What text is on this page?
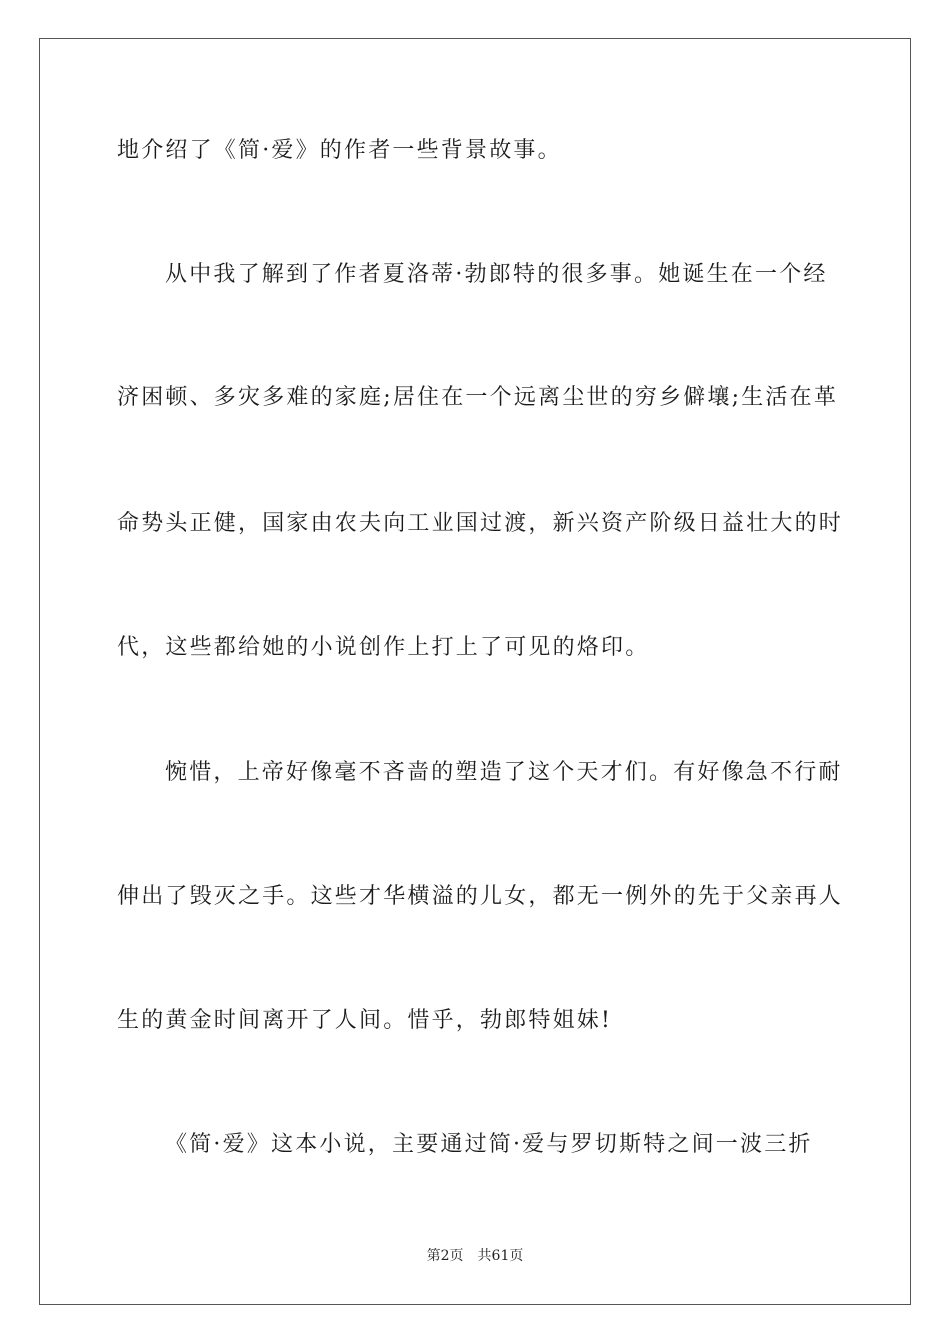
地介绍了《简·爱》的作者一些背景故事。
从中我了解到了作者夏洛蒂·勃郎特的很多事。她诞生在一个经
济困顿、多灾多难的家庭;居住在一个远离尘世的穷乡僻壤;生活在革
命势头正健，国家由农夫向工业国过渡，新兴资产阶级日益壮大的时
代，这些都给她的小说创作上打上了可见的烙印。
惋惜，上帝好像毫不吝啬的塑造了这个天才们。有好像急不行耐
伸出了毁灭之手。这些才华横溢的儿女，都无一例外的先于父亲再人
生的黄金时间离开了人间。惜乎，勃郎特姐妹!
《简·爱》这本小说，主要通过简·爱与罗切斯特之间一波三折
第2页 共61页
